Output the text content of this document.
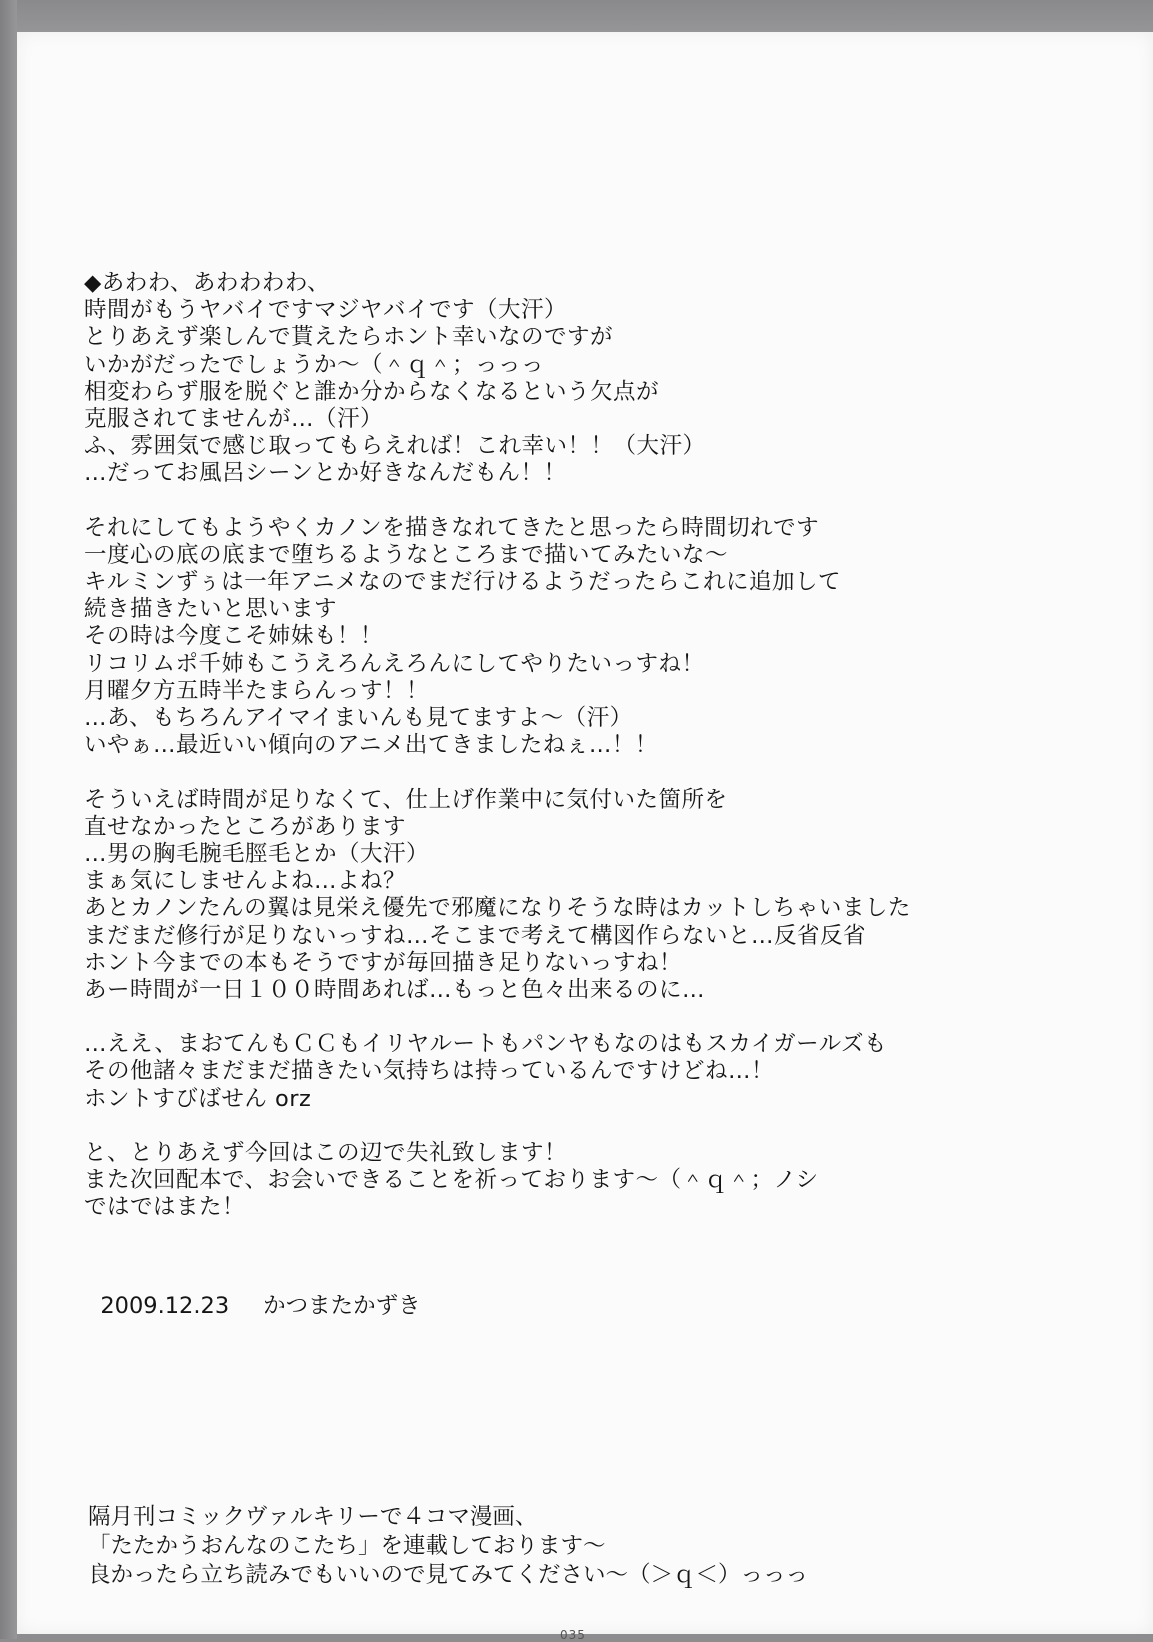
◆あわわ、あわわわわ、
時間がもうヤバイですマジヤバイです（大汗）
とりあえず楽しんで貰えたらホント幸いなのですが
いかがだったでしょうか～（＾ｑ＾；っっっ
相変わらず服を脱ぐと誰か分からなくなるという欠点が
克服されてませんが…（汗）
ふ、雰囲気で感じ取ってもらえれば！これ幸い！！（大汗）
…だってお風呂シーンとか好きなんだもん！！
それにしてもようやくカノンを描きなれてきたと思ったら時間切れです
一度心の底の底まで堕ちるようなところまで描いてみたいな～
キルミンずぅは一年アニメなのでまだ行けるようだったらこれに追加して
続き描きたいと思います
その時は今度こそ姉妹も！！
リコリムポ千姉もこうえろんえろんにしてやりたいっすね！
月曜夕方五時半たまらんっす！！
…あ、もちろんアイマイまいんも見てますよ～（汗）
いやぁ…最近いい傾向のアニメ出てきましたねぇ…！！
そういえば時間が足りなくて、仕上げ作業中に気付いた箇所を
直せなかったところがあります
…男の胸毛腕毛脛毛とか（大汗）
まぁ気にしませんよね…よね？
あとカノンたんの翼は見栄え優先で邪魔になりそうな時はカットしちゃいました
まだまだ修行が足りないっすね…そこまで考えて構図作らないと…反省反省
ホント今までの本もそうですが毎回描き足りないっすね！
あー時間が一日１００時間あれば…もっと色々出来るのに…
…ええ、まおてんもＣＣもイリヤルートもパンヤもなのはもスカイガールズも
その他諸々まだまだ描きたい気持ちは持っているんですけどね…！
ホントすびばせん orz
と、とりあえず今回はこの辺で失礼致します！
また次回配本で、お会いできることを祈っております～（＾ｑ＾；ノシ
ではではまた！

2009.12.23 かつまたかずき

隔月刊コミックヴァルキリーで４コマ漫画、
「たたかうおんなのこたち」を連載しております～
良かったら立ち読みでもいいので見てみてください～（＞ｑ＜）っっっ
035
